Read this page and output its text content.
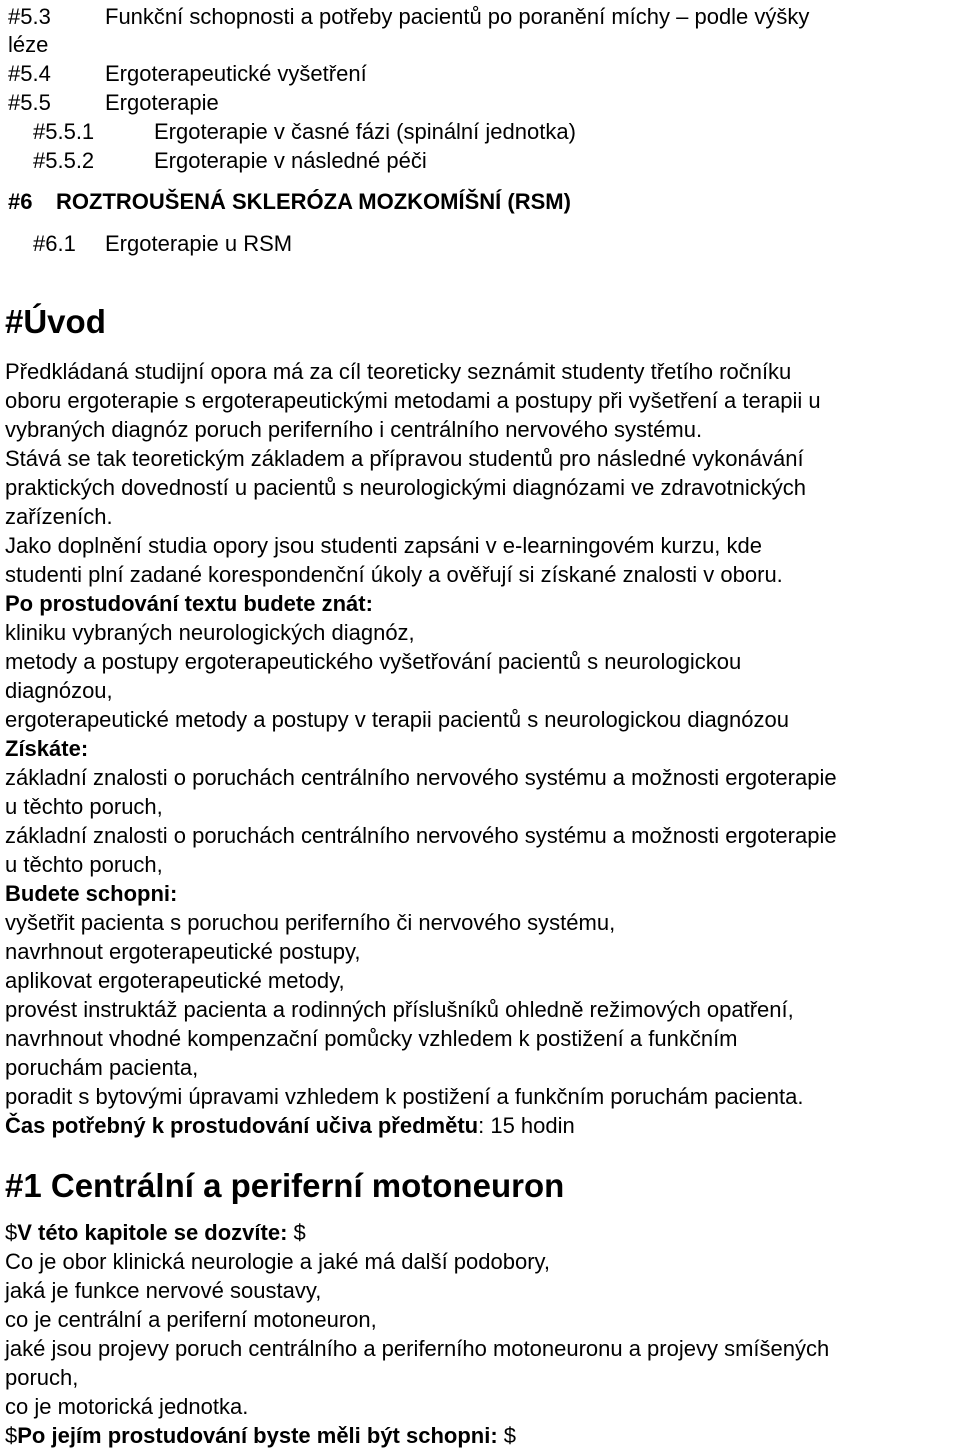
#5.3 Funkční schopnosti a potřeby pacientů po poranění míchy – podle výšky
léze
#5.4 Ergoterapeutické vyšetření
#5.5 Ergoterapie
#5.5.1	Ergoterapie v časné fázi (spinální jednotka)
#5.5.2	Ergoterapie v následné péči
#6 ROZTROUŠENÁ SKLERÓZA MOZKOMÍŠNÍ (RSM)
#6.1 Ergoterapie u RSM
#Úvod
Předkládaná studijní opora má za cíl teoreticky seznámit studenty třetího ročníku
oboru ergoterapie s ergoterapeutickými metodami a postupy při vyšetření a terapii u
vybraných diagnóz poruch periferního i centrálního nervového systému.
Stává se tak teoretickým základem a přípravou studentů pro následné vykonávání
praktických dovedností u pacientů s neurologickými diagnózami ve zdravotnických
zařízeních.
Jako doplnění studia opory jsou studenti zapsáni v e-learningovém kurzu, kde
studenti plní zadané korespondenční úkoly a ověřují si získané znalosti v oboru.
Po prostudování textu budete znát:
kliniku vybraných neurologických diagnóz,
metody a postupy ergoterapeutického vyšetřování pacientů s neurologickou
diagnózou,
ergoterapeutické metody a postupy v terapii pacientů s neurologickou diagnózou
Získáte:
základní znalosti o poruchách centrálního nervového systému a možnosti ergoterapie
u těchto poruch,
základní znalosti o poruchách centrálního nervového systému a možnosti ergoterapie
u těchto poruch,
Budete schopni:
vyšetřit pacienta s poruchou periferního či nervového systému,
navrhnout ergoterapeutické postupy,
aplikovat ergoterapeutické metody,
provést instruktáž pacienta a rodinných příslušníků ohledně režimových opatření,
navrhnout vhodné kompenzační pomůcky vzhledem k postižení a funkčním
poruchám pacienta,
poradit s bytovými úpravami vzhledem k postižení a funkčním poruchám pacienta.
Čas potřebný k prostudování učiva předmětu: 15 hodin
#1 Centrální a periferní motoneuron
$V této kapitole se dozvíte: $
Co je obor klinická neurologie a jaké má další podobory,
jaká je funkce nervové soustavy,
co je centrální a periferní motoneuron,
jaké jsou projevy poruch centrálního a periferního motoneuronu a projevy smíšených
poruch,
co je motorická jednotka.
$Po jejím prostudování byste měli být schopni: $
